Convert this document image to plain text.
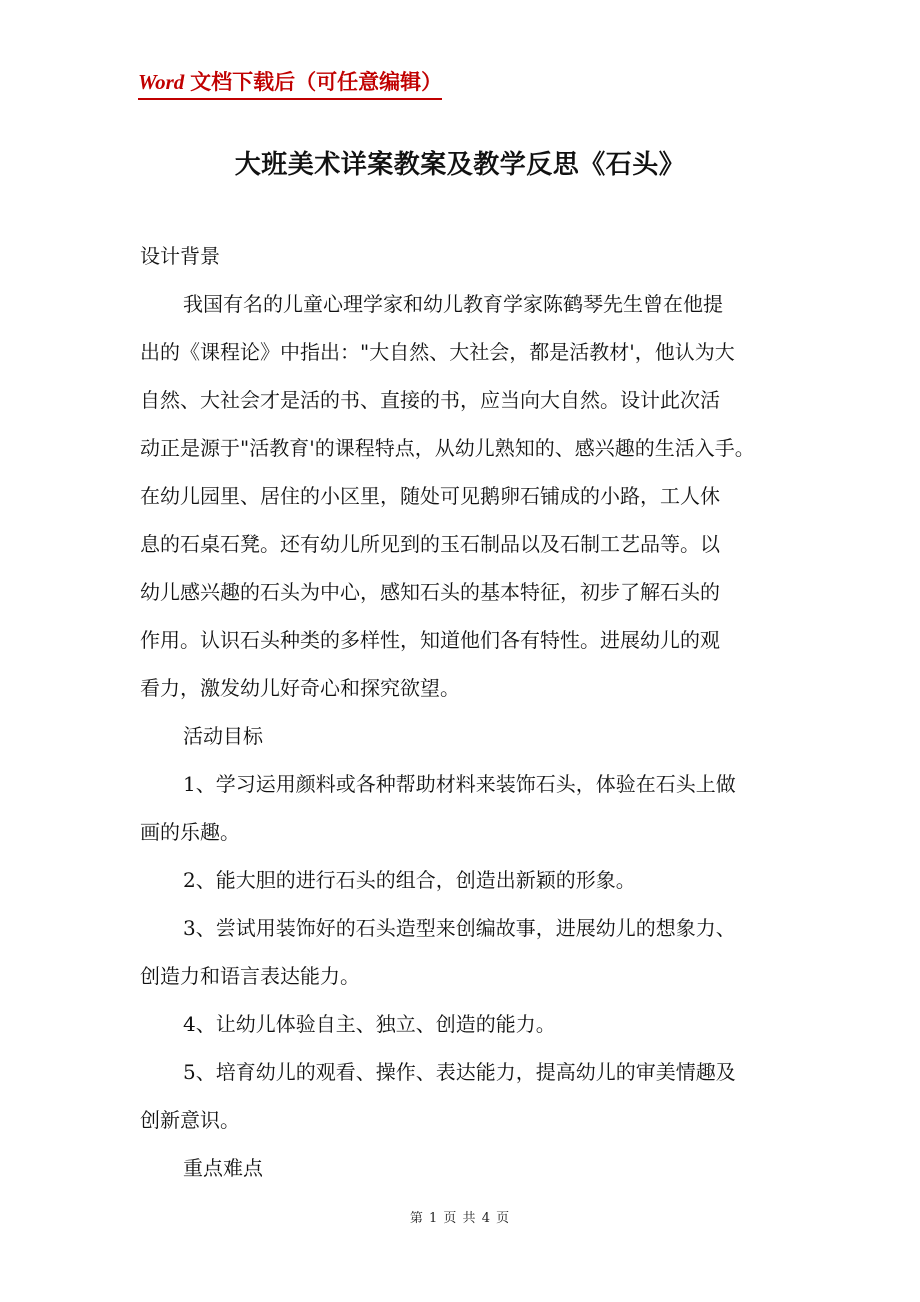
Word 文档下载后（可任意编辑）
大班美术详案教案及教学反思《石头》
设计背景
我国有名的儿童心理学家和幼儿教育学家陈鹤琴先生曾在他提
出的《课程论》中指出："大自然、大社会，都是活教材'，他认为大
自然、大社会才是活的书、直接的书，应当向大自然。设计此次活
动正是源于"活教育'的课程特点，从幼儿熟知的、感兴趣的生活入手。
在幼儿园里、居住的小区里，随处可见鹅卵石铺成的小路，工人休
息的石桌石凳。还有幼儿所见到的玉石制品以及石制工艺品等。以
幼儿感兴趣的石头为中心，感知石头的基本特征，初步了解石头的
作用。认识石头种类的多样性，知道他们各有特性。进展幼儿的观
看力，激发幼儿好奇心和探究欲望。
活动目标
1、学习运用颜料或各种帮助材料来装饰石头，体验在石头上做
画的乐趣。
2、能大胆的进行石头的组合，创造出新颖的形象。
3、尝试用装饰好的石头造型来创编故事，进展幼儿的想象力、
创造力和语言表达能力。
4、让幼儿体验自主、独立、创造的能力。
5、培育幼儿的观看、操作、表达能力，提高幼儿的审美情趣及
创新意识。
重点难点
第 1 页 共 4 页
